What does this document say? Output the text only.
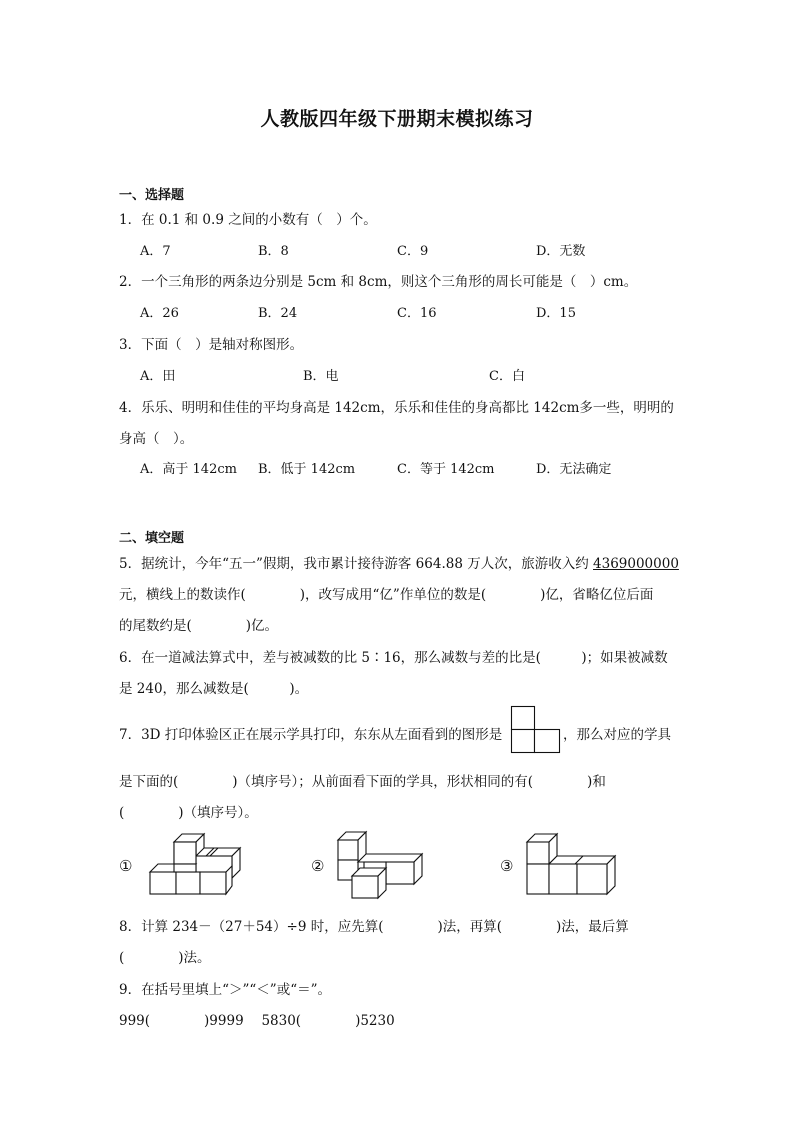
人教版四年级下册期末模拟练习
一、选择题
1．在 0.1 和 0.9 之间的小数有（　）个。
A．7	B．8	C．9	D．无数
2．一个三角形的两条边分别是 5cm 和 8cm，则这个三角形的周长可能是（　）cm。
A．26	B．24	C．16	D．15
3．下面（　）是轴对称图形。
A．田	B．电	C．白
4．乐乐、明明和佳佳的平均身高是 142cm，乐乐和佳佳的身高都比 142cm多一些，明明的
身高（　）。
A．高于 142cm B．低于 142cm	C．等于 142cm	D．无法确定
二、填空题
5．据统计，今年“五一”假期，我市累计接待游客 664.88 万人次，旅游收入约 4369000000
元，横线上的数读作(　　　　)，改写成用“亿”作单位的数是(　　　　)亿，省略亿位后面
的尾数约是(　　　　)亿。
6．在一道减法算式中，差与被减数的比 5∶16，那么减数与差的比是(　　　)；如果被减数
是 240，那么减数是(　　　)。
7．3D 打印体验区正在展示学具打印，东东从左面看到的图形是	，那么对应的学具
是下面的(　　　　)（填序号）；从前面看下面的学具，形状相同的有(　　　　)和
(　　　　)（填序号）。
①	②	③
8．计算 234－（27＋54）÷9 时，应先算(　　　　)法，再算(　　　　)法，最后算
(　　　　)法。
9．在括号里填上“＞”“＜”或“＝”。
999(　　　　)9999　 5830(　　　　)5230
